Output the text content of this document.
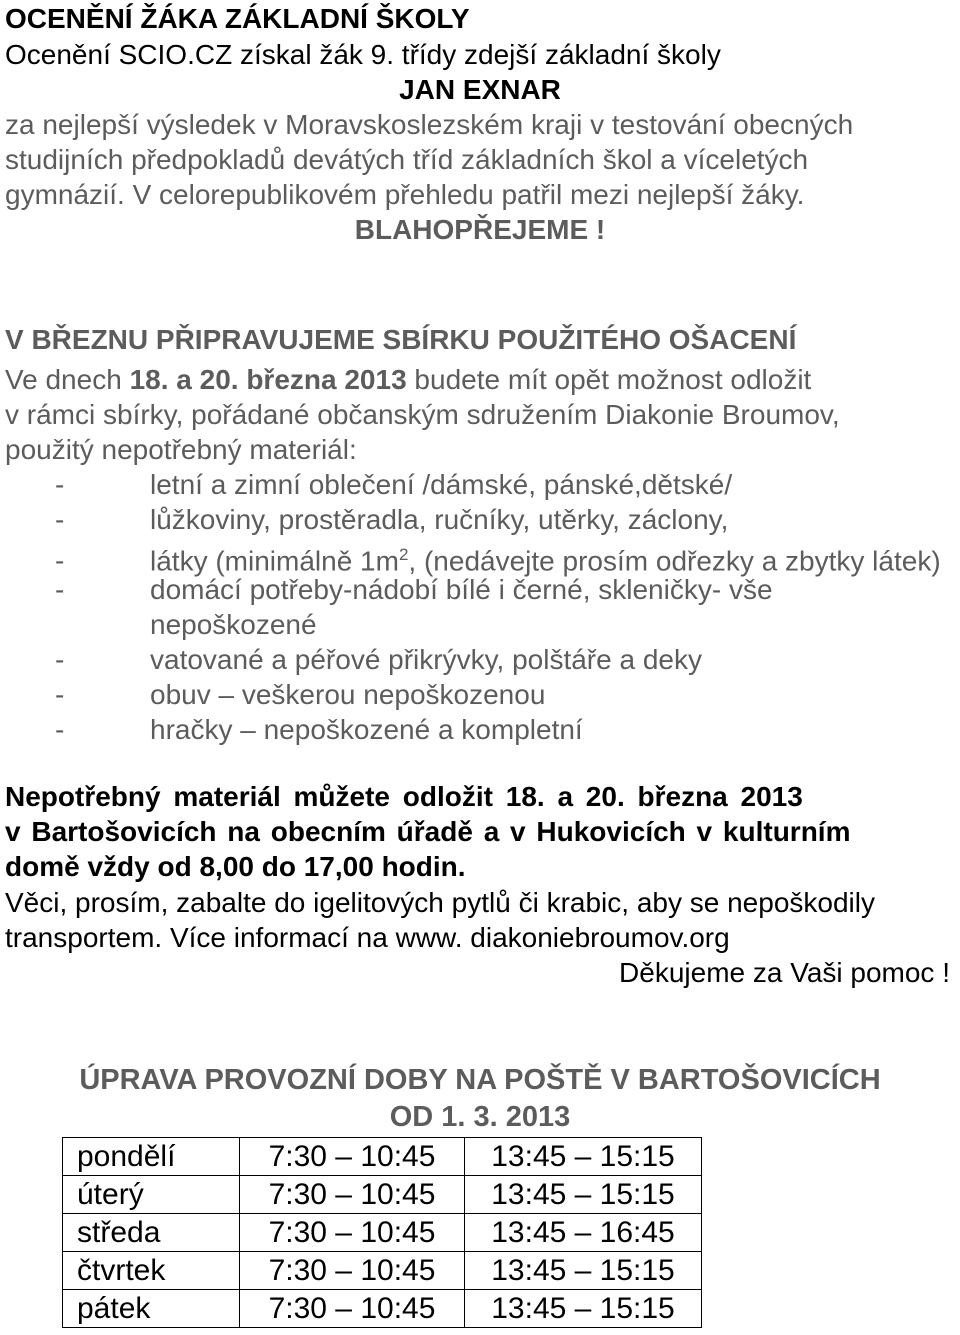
OCENĚNÍ ŽÁKA ZÁKLADNÍ ŠKOLY
Ocenění SCIO.CZ získal žák 9. třídy zdejší základní školy
JAN EXNAR
za nejlepší výsledek v Moravskoslezském kraji v testování obecných
studijních předpokladů devátých tříd základních škol a víceletých
gymnázií. V celorepublikovém přehledu patřil mezi nejlepší žáky.
BLAHOPŘEJEME !
V BŘEZNU PŘIPRAVUJEME SBÍRKU POUŽITÉHO OŠACENÍ
Ve dnech 18. a 20. března 2013 budete mít opět možnost odložit
v rámci sbírky, pořádané občanským sdružením Diakonie Broumov,
použitý nepotřebný materiál:
-	letní a zimní oblečení /dámské, pánské,dětské/
-	lůžkoviny, prostěradla, ručníky, utěrky, záclony,
-	látky (minimálně $1m^2$, (nedávejte prosím odřezky a zbytky látek)
-	domácí potřeby-nádobí bílé i černé, skleničky- vše
nepoškozené
-	vatované a péřové přikrývky, polštáře a deky
-	obuv – veškerou nepoškozenou
-	hračky – nepoškozené a kompletní
Nepotřebný materiál můžete odložit 18. a 20. března 2013
v Bartošovicích na obecním úřadě a v Hukovicích v kulturním
domě vždy od 8,00 do 17,00 hodin.
Věci, prosím, zabalte do igelitových pytlů či krabic, aby se nepoškodily
transportem. Více informací na www. diakoniebroumov.org
Děkujeme za Vaši pomoc !
ÚPRAVA PROVOZNÍ DOBY NA POŠTĚ V BARTOŠOVICÍCH
OD 1. 3. 2013
pondělí	7:30 – 10:45	13:45 – 15:15
úterý	7:30 – 10:45	13:45 – 15:15
středa	7:30 – 10:45	13:45 – 16:45
čtvrtek	7:30 – 10:45	13:45 – 15:15
pátek	7:30 – 10:45	13:45 – 15:15
